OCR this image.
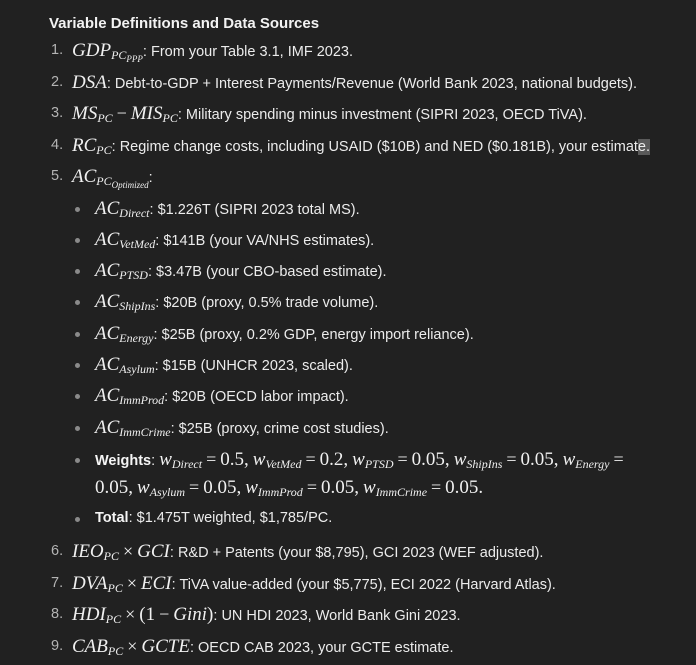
Variable Definitions and Data Sources
1. $GDP_{PC_{PPP}}$: From your Table 3.1, IMF 2023.
2. DSA: Debt-to-GDP + Interest Payments/Revenue (World Bank 2023, national budgets).
3. $MS_{PC} - MIS_{PC}$: Military spending minus investment (SIPRI 2023, OECD TiVA).
4. $RC_{PC}$: Regime change costs, including USAID ($10B) and NED ($0.181B), your estimate.
5. $AC_{PC_{Optimized}}$:
$AC_{Direct}$: $1.226T (SIPRI 2023 total MS).
$AC_{VetMed}$: $141B (your VA/NHS estimates).
$AC_{PTSD}$: $3.47B (your CBO-based estimate).
$AC_{ShipIns}$: $20B (proxy, 0.5% trade volume).
$AC_{Energy}$: $25B (proxy, 0.2% GDP, energy import reliance).
$AC_{Asylum}$: $15B (UNHCR 2023, scaled).
$AC_{ImmProd}$: $20B (OECD labor impact).
$AC_{ImmCrime}$: $25B (proxy, crime cost studies).
Weights: $w_{Direct} = 0.5$, $w_{VetMed} = 0.2$, $w_{PTSD} = 0.05$, $w_{ShipIns} = 0.05$, $w_{Energy}$ =
0.05, $w_{Asylum} = 0.05$, $w_{ImmProd} = 0.05$, $w_{ImmCrime} = 0.05$.
Total: $1.475T weighted, $1,785/PC.
6. $IEO_{PC}$ × GCI: R&D + Patents (your $8,795), GCI 2023 (WEF adjusted).
7. $DVA_{PC}$ × ECI: TiVA value-added (your $5,775), ECI 2022 (Harvard Atlas).
8. $HDI_{PC} \times (1$ − Gini): UN HDI 2023, World Bank Gini 2023.
9. $CAB_{PC}$ × GCTE: OECD CAB 2023, your GCTE estimate.
